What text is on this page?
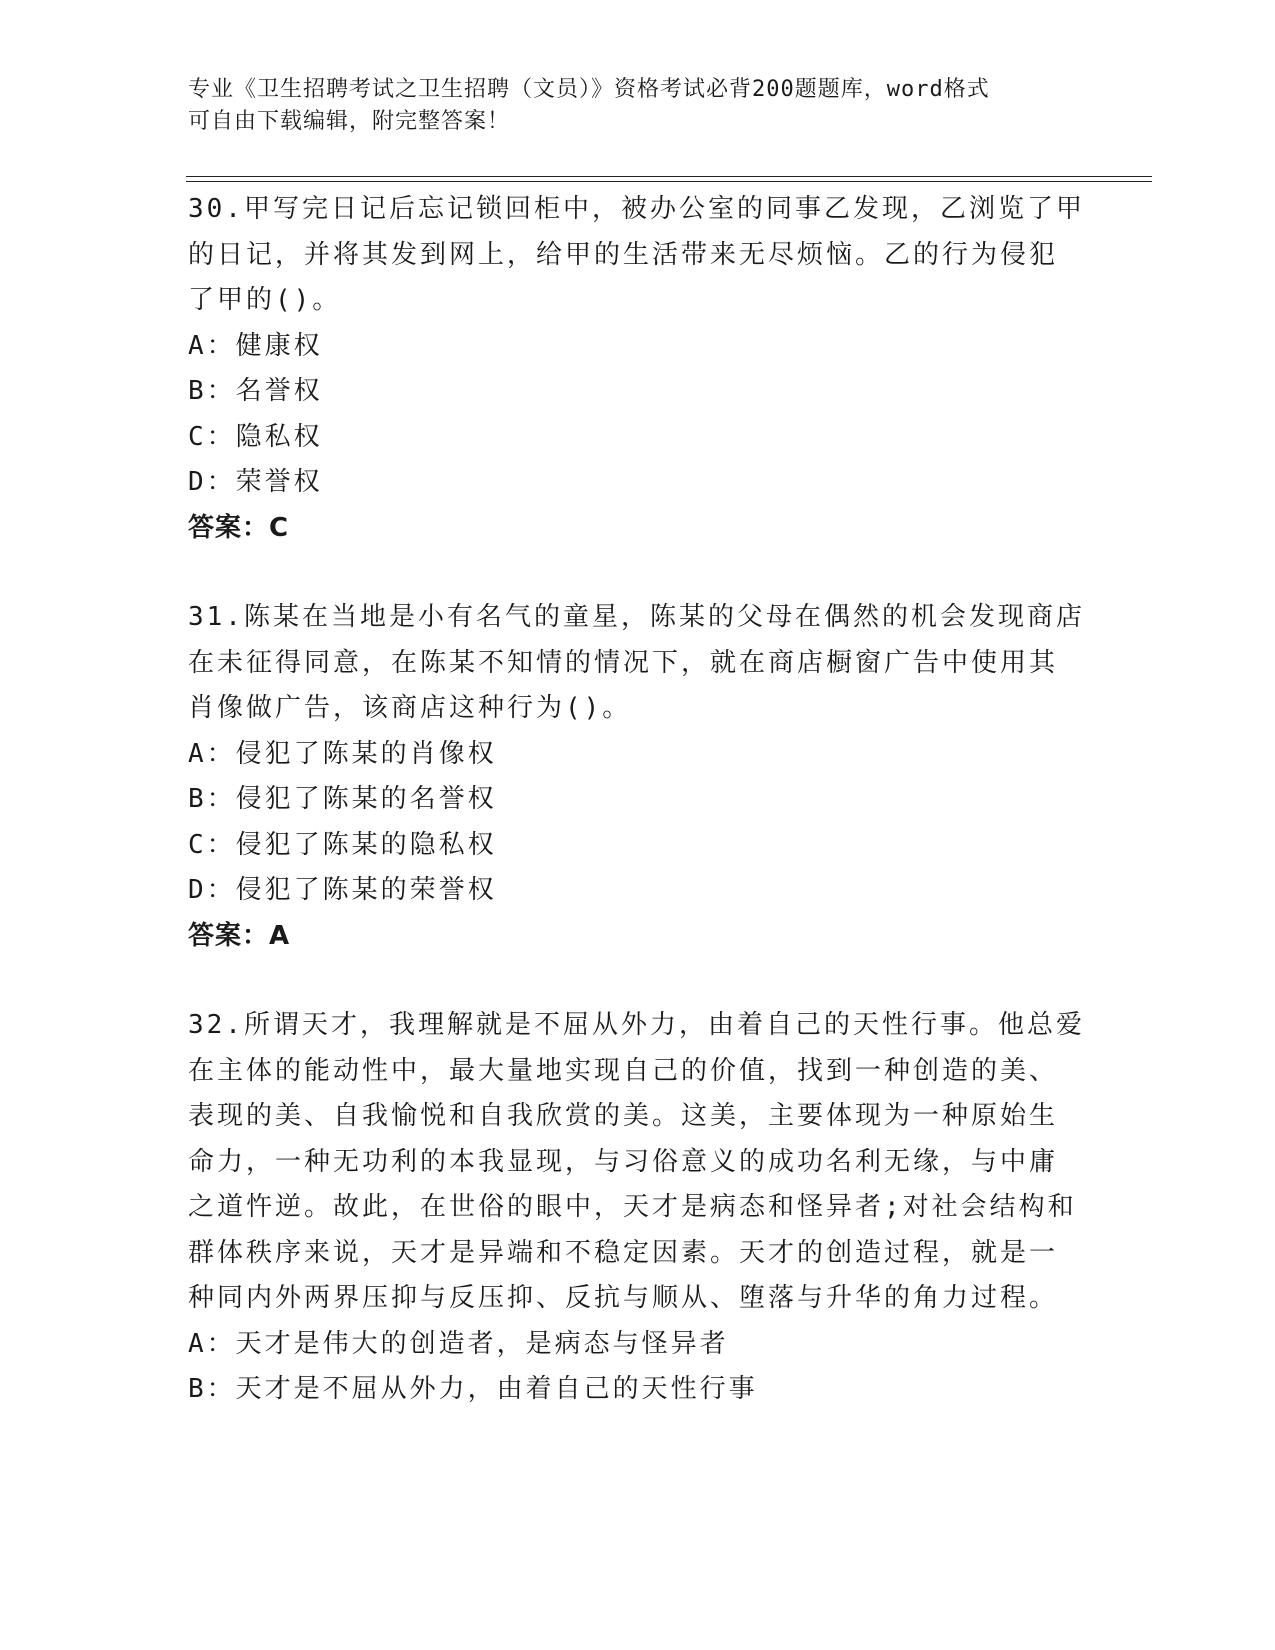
专业《卫生招聘考试之卫生招聘（文员）》资格考试必背200题题库，word格式

可自由下载编辑，附完整答案！

30.甲写完日记后忘记锁回柜中，被办公室的同事乙发现，乙浏览了甲
的日记，并将其发到网上，给甲的生活带来无尽烦恼。乙的行为侵犯
了甲的()。
A：健康权
B：名誉权
C：隐私权
D：荣誉权
答案：C
31.陈某在当地是小有名气的童星，陈某的父母在偶然的机会发现商店
在未征得同意，在陈某不知情的情况下，就在商店橱窗广告中使用其
肖像做广告，该商店这种行为()。
A：侵犯了陈某的肖像权
B：侵犯了陈某的名誉权
C：侵犯了陈某的隐私权
D：侵犯了陈某的荣誉权
答案：A
32.所谓天才，我理解就是不屈从外力，由着自己的天性行事。他总爱
在主体的能动性中，最大量地实现自己的价值，找到一种创造的美、
表现的美、自我愉悦和自我欣赏的美。这美，主要体现为一种原始生
命力，一种无功利的本我显现，与习俗意义的成功名利无缘，与中庸
之道忤逆。故此，在世俗的眼中，天才是病态和怪异者;对社会结构和
群体秩序来说，天才是异端和不稳定因素。天才的创造过程，就是一
种同内外两界压抑与反压抑、反抗与顺从、堕落与升华的角力过程。
A：天才是伟大的创造者，是病态与怪异者
B：天才是不屈从外力，由着自己的天性行事
